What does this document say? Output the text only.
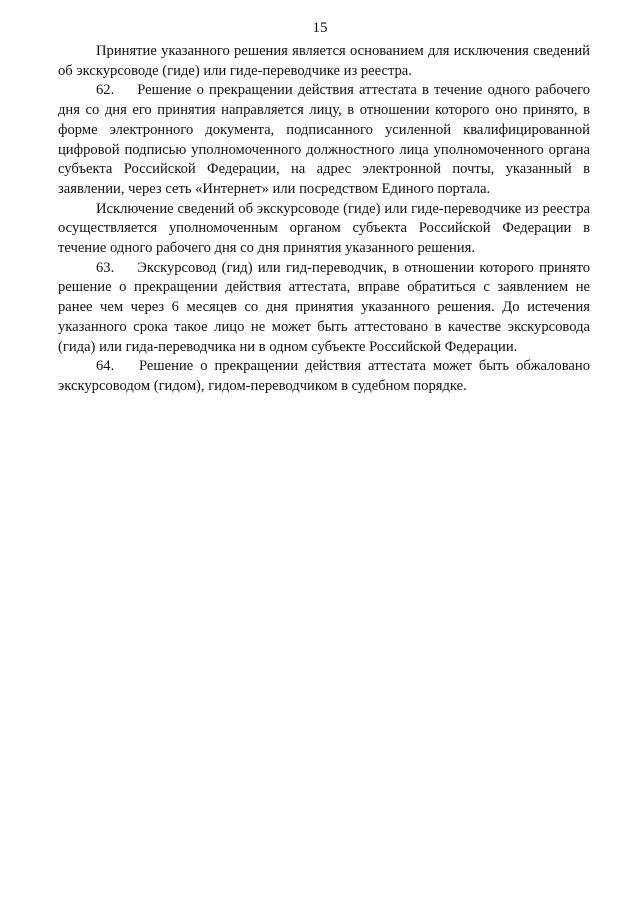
15

Принятие указанного решения является основанием для исключения сведений об экскурсоводе (гиде) или гиде-переводчике из реестра.

62. Решение о прекращении действия аттестата в течение одного рабочего дня со дня его принятия направляется лицу, в отношении которого оно принято, в форме электронного документа, подписанного усиленной квалифицированной цифровой подписью уполномоченного должностного лица уполномоченного органа субъекта Российской Федерации, на адрес электронной почты, указанный в заявлении, через сеть «Интернет» или посредством Единого портала.

Исключение сведений об экскурсоводе (гиде) или гиде-переводчике из реестра осуществляется уполномоченным органом субъекта Российской Федерации в течение одного рабочего дня со дня принятия указанного решения.

63. Экскурсовод (гид) или гид-переводчик, в отношении которого принято решение о прекращении действия аттестата, вправе обратиться с заявлением не ранее чем через 6 месяцев со дня принятия указанного решения. До истечения указанного срока такое лицо не может быть аттестовано в качестве экскурсовода (гида) или гида-переводчика ни в одном субъекте Российской Федерации.

64. Решение о прекращении действия аттестата может быть обжаловано экскурсоводом (гидом), гидом-переводчиком в судебном порядке.
